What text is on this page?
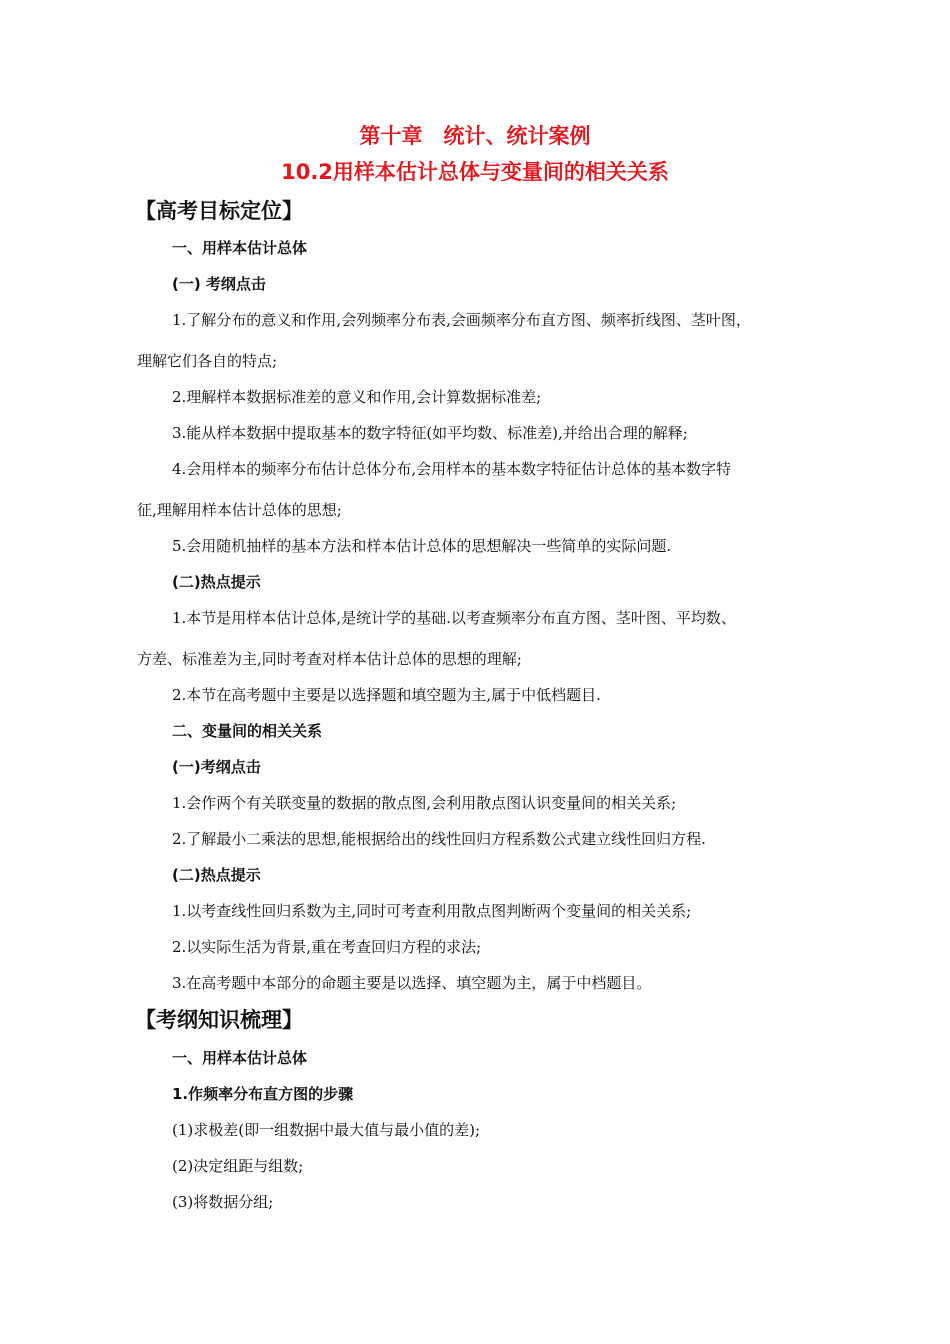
第十章　统计、统计案例
10.2用样本估计总体与变量间的相关关系
【高考目标定位】
一、用样本估计总体
(一) 考纲点击
1.了解分布的意义和作用,会列频率分布表,会画频率分布直方图、频率折线图、茎叶图，
理解它们各自的特点;
2.理解样本数据标准差的意义和作用,会计算数据标准差;
3.能从样本数据中提取基本的数字特征(如平均数、标准差),并给出合理的解释;
4.会用样本的频率分布估计总体分布,会用样本的基本数字特征估计总体的基本数字特
征,理解用样本估计总体的思想;
5.会用随机抽样的基本方法和样本估计总体的思想解决一些简单的实际问题.
(二)热点提示
1.本节是用样本估计总体,是统计学的基础.以考查频率分布直方图、茎叶图、平均数、
方差、标准差为主,同时考查对样本估计总体的思想的理解;
2.本节在高考题中主要是以选择题和填空题为主,属于中低档题目.
二、变量间的相关关系
(一)考纲点击
1.会作两个有关联变量的数据的散点图,会利用散点图认识变量间的相关关系;
2.了解最小二乘法的思想,能根据给出的线性回归方程系数公式建立线性回归方程.
(二)热点提示
1.以考查线性回归系数为主,同时可考查利用散点图判断两个变量间的相关关系;
2.以实际生活为背景,重在考查回归方程的求法;
3.在高考题中本部分的命题主要是以选择、填空题为主，属于中档题目。
【考纲知识梳理】
一、用样本估计总体
1.作频率分布直方图的步骤
(1)求极差(即一组数据中最大值与最小值的差);
(2)决定组距与组数;
(3)将数据分组;
